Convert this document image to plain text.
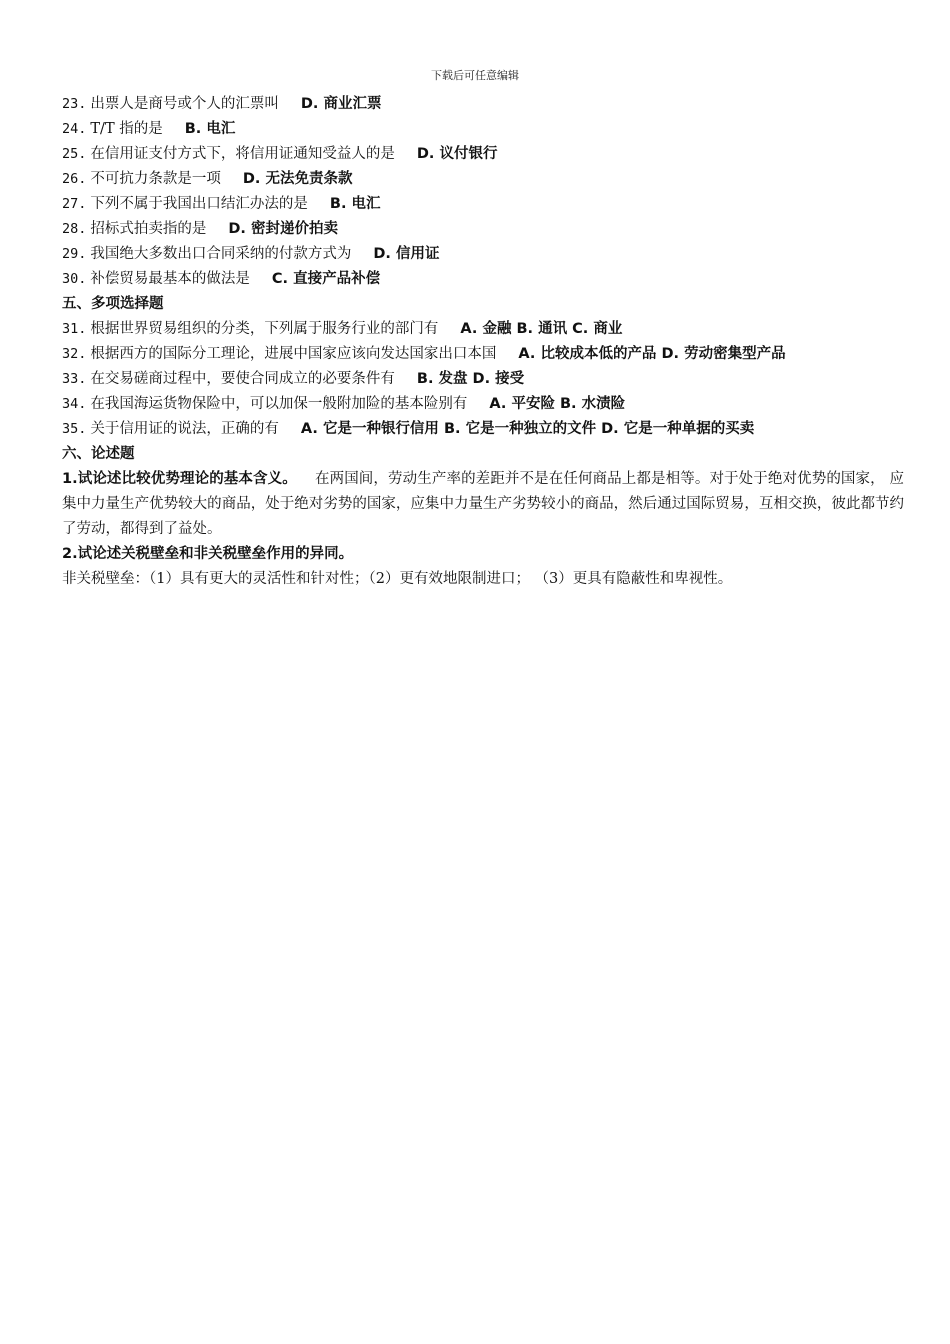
下载后可任意编辑
23. 出票人是商号或个人的汇票叫 D. 商业汇票
24. T/T 指的是 B. 电汇
25. 在信用证支付方式下，将信用证通知受益人的是 D. 议付银行
26. 不可抗力条款是一项 D. 无法免责条款
27. 下列不属于我国出口结汇办法的是 B. 电汇
28. 招标式拍卖指的是 D. 密封递价拍卖
29. 我国绝大多数出口合同采纳的付款方式为 D. 信用证
30. 补偿贸易最基本的做法是 C. 直接产品补偿
五、多项选择题
31. 根据世界贸易组织的分类，下列属于服务行业的部门有 A. 金融 B. 通讯 C. 商业
32. 根据西方的国际分工理论，进展中国家应该向发达国家出口本国 A. 比较成本低的产品 D. 劳动密集型产品
33. 在交易磋商过程中，要使合同成立的必要条件有 B. 发盘 D. 接受
34. 在我国海运货物保险中，可以加保一般附加险的基本险别有 A. 平安险 B. 水渍险
35. 关于信用证的说法，正确的有 A. 它是一种银行信用 B. 它是一种独立的文件 D. 它是一种单据的买卖
六、论述题
1.试论述比较优势理论的基本含义。 在两国间，劳动生产率的差距并不是在任何商品上都是相等。对于处于绝对优势的国家， 应集中力量生产优势较大的商品，处于绝对劣势的国家，应集中力量生产劣势较小的商品，然后通过国际贸易，互相交换，彼此都节约了劳动，都得到了益处。
2.试论述关税壁垒和非关税壁垒作用的异同。
非关税壁垒：（1）具有更大的灵活性和针对性；（2）更有效地限制进口； （3）更具有隐蔽性和卑视性。
